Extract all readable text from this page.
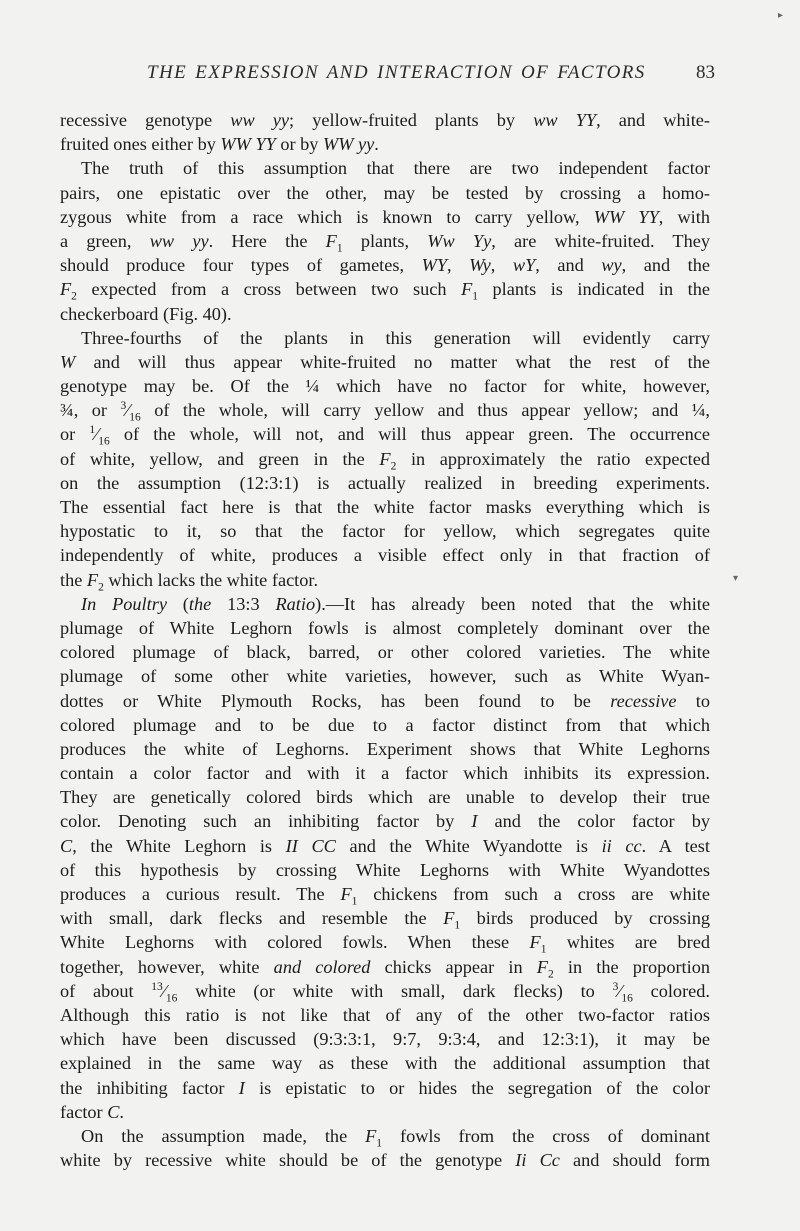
THE EXPRESSION AND INTERACTION OF FACTORS	83
recessive genotype ww yy; yellow-fruited plants by ww YY, and white-
fruited ones either by WW YY or by WW yy.
The truth of this assumption that there are two independent factor
pairs, one epistatic over the other, may be tested by crossing a homo-
zygous white from a race which is known to carry yellow, WW YY, with
a green, ww yy. Here the $F_1$ plants, Ww Yy, are white-fruited. They
should produce four types of gametes, WY, Wy, wY, and wy, and the
$F_2$ expected from a cross between two such $F_1$ plants is indicated in the
checkerboard (Fig. 40).
Three-fourths of the plants in this generation will evidently carry
W and will thus appear white-fruited no matter what the rest of the
genotype may be. Of the ¼ which have no factor for white, however,
¾, or $^3⁄_{16}$ of the whole, will carry yellow and thus appear yellow; and ¼,
or $^1⁄_{16}$ of the whole, will not, and will thus appear green. The occurrence
of white, yellow, and green in the $F_2$ in approximately the ratio expected
on the assumption (12:3:1) is actually realized in breeding experiments.
The essential fact here is that the white factor masks everything which is
hypostatic to it, so that the factor for yellow, which segregates quite
independently of white, produces a visible effect only in that fraction of
the $F_2$ which lacks the white factor.
In Poultry (the 13:3 Ratio).—It has already been noted that the white
plumage of White Leghorn fowls is almost completely dominant over the
colored plumage of black, barred, or other colored varieties. The white
plumage of some other white varieties, however, such as White Wyan-
dottes or White Plymouth Rocks, has been found to be recessive to
colored plumage and to be due to a factor distinct from that which
produces the white of Leghorns. Experiment shows that White Leghorns
contain a color factor and with it a factor which inhibits its expression.
They are genetically colored birds which are unable to develop their true
color. Denoting such an inhibiting factor by I and the color factor by
C, the White Leghorn is II CC and the White Wyandotte is ii cc. A test
of this hypothesis by crossing White Leghorns with White Wyandottes
produces a curious result. The $F_1$ chickens from such a cross are white
with small, dark flecks and resemble the $F_1$ birds produced by crossing
White Leghorns with colored fowls. When these $F_1$ whites are bred
together, however, white and colored chicks appear in $F_2$ in the proportion
of about $^{13}⁄_{16}$ white (or white with small, dark flecks) to $^3⁄_{16}$ colored.
Although this ratio is not like that of any of the other two-factor ratios
which have been discussed (9:3:3:1, 9:7, 9:3:4, and 12:3:1), it may be
explained in the same way as these with the additional assumption that
the inhibiting factor I is epistatic to or hides the segregation of the color
factor C.
On the assumption made, the $F_1$ fowls from the cross of dominant
white by recessive white should be of the genotype Ii Cc and should form
▸
▾
